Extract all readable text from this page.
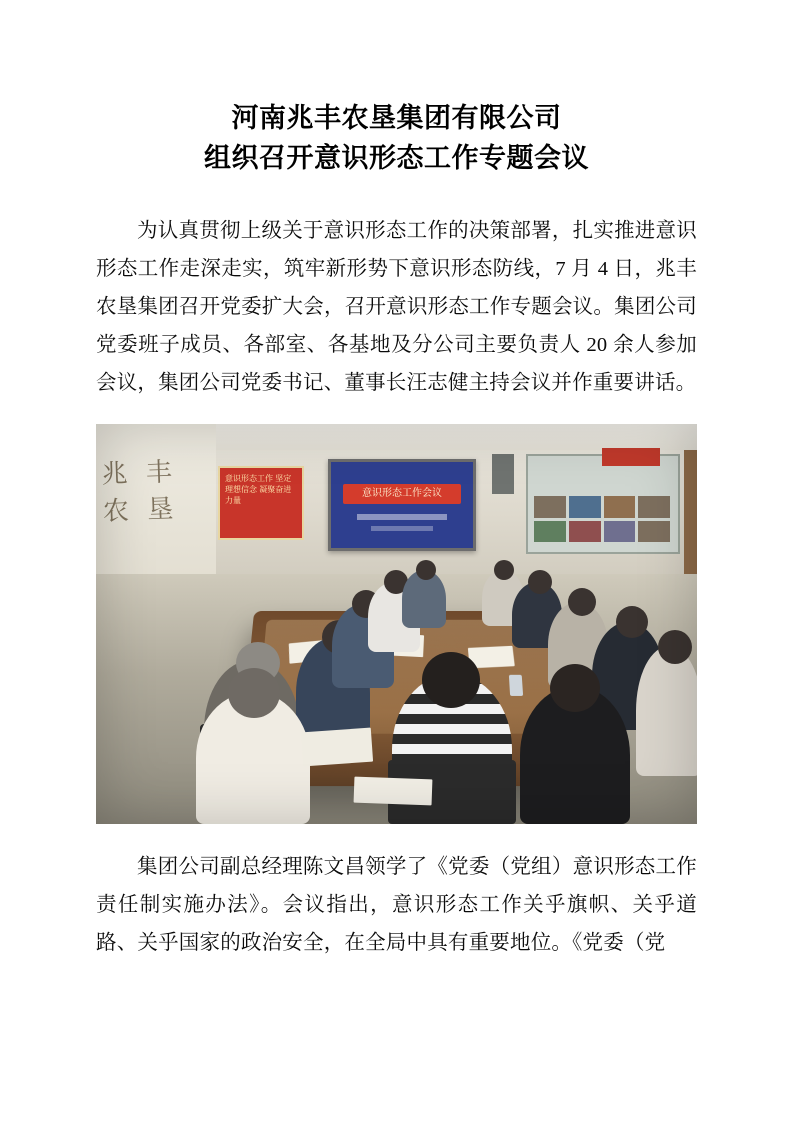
河南兆丰农垦集团有限公司
组织召开意识形态工作专题会议

为认真贯彻上级关于意识形态工作的决策部署，扎实推进意识形态工作走深走实，筑牢新形势下意识形态防线，7 月 4 日，兆丰农垦集团召开党委扩大会，召开意识形态工作专题会议。集团公司党委班子成员、各部室、各基地及分公司主要负责人 20 余人参加会议，集团公司党委书记、董事长汪志健主持会议并作重要讲话。

兆 丰 农 垦
意识形态工作 坚定理想信念 凝聚奋进力量
意识形态工作会议

集团公司副总经理陈文昌领学了《党委（党组）意识形态工作责任制实施办法》。会议指出，意识形态工作关乎旗帜、关乎道路、关乎国家的政治安全，在全局中具有重要地位。《党委（党
